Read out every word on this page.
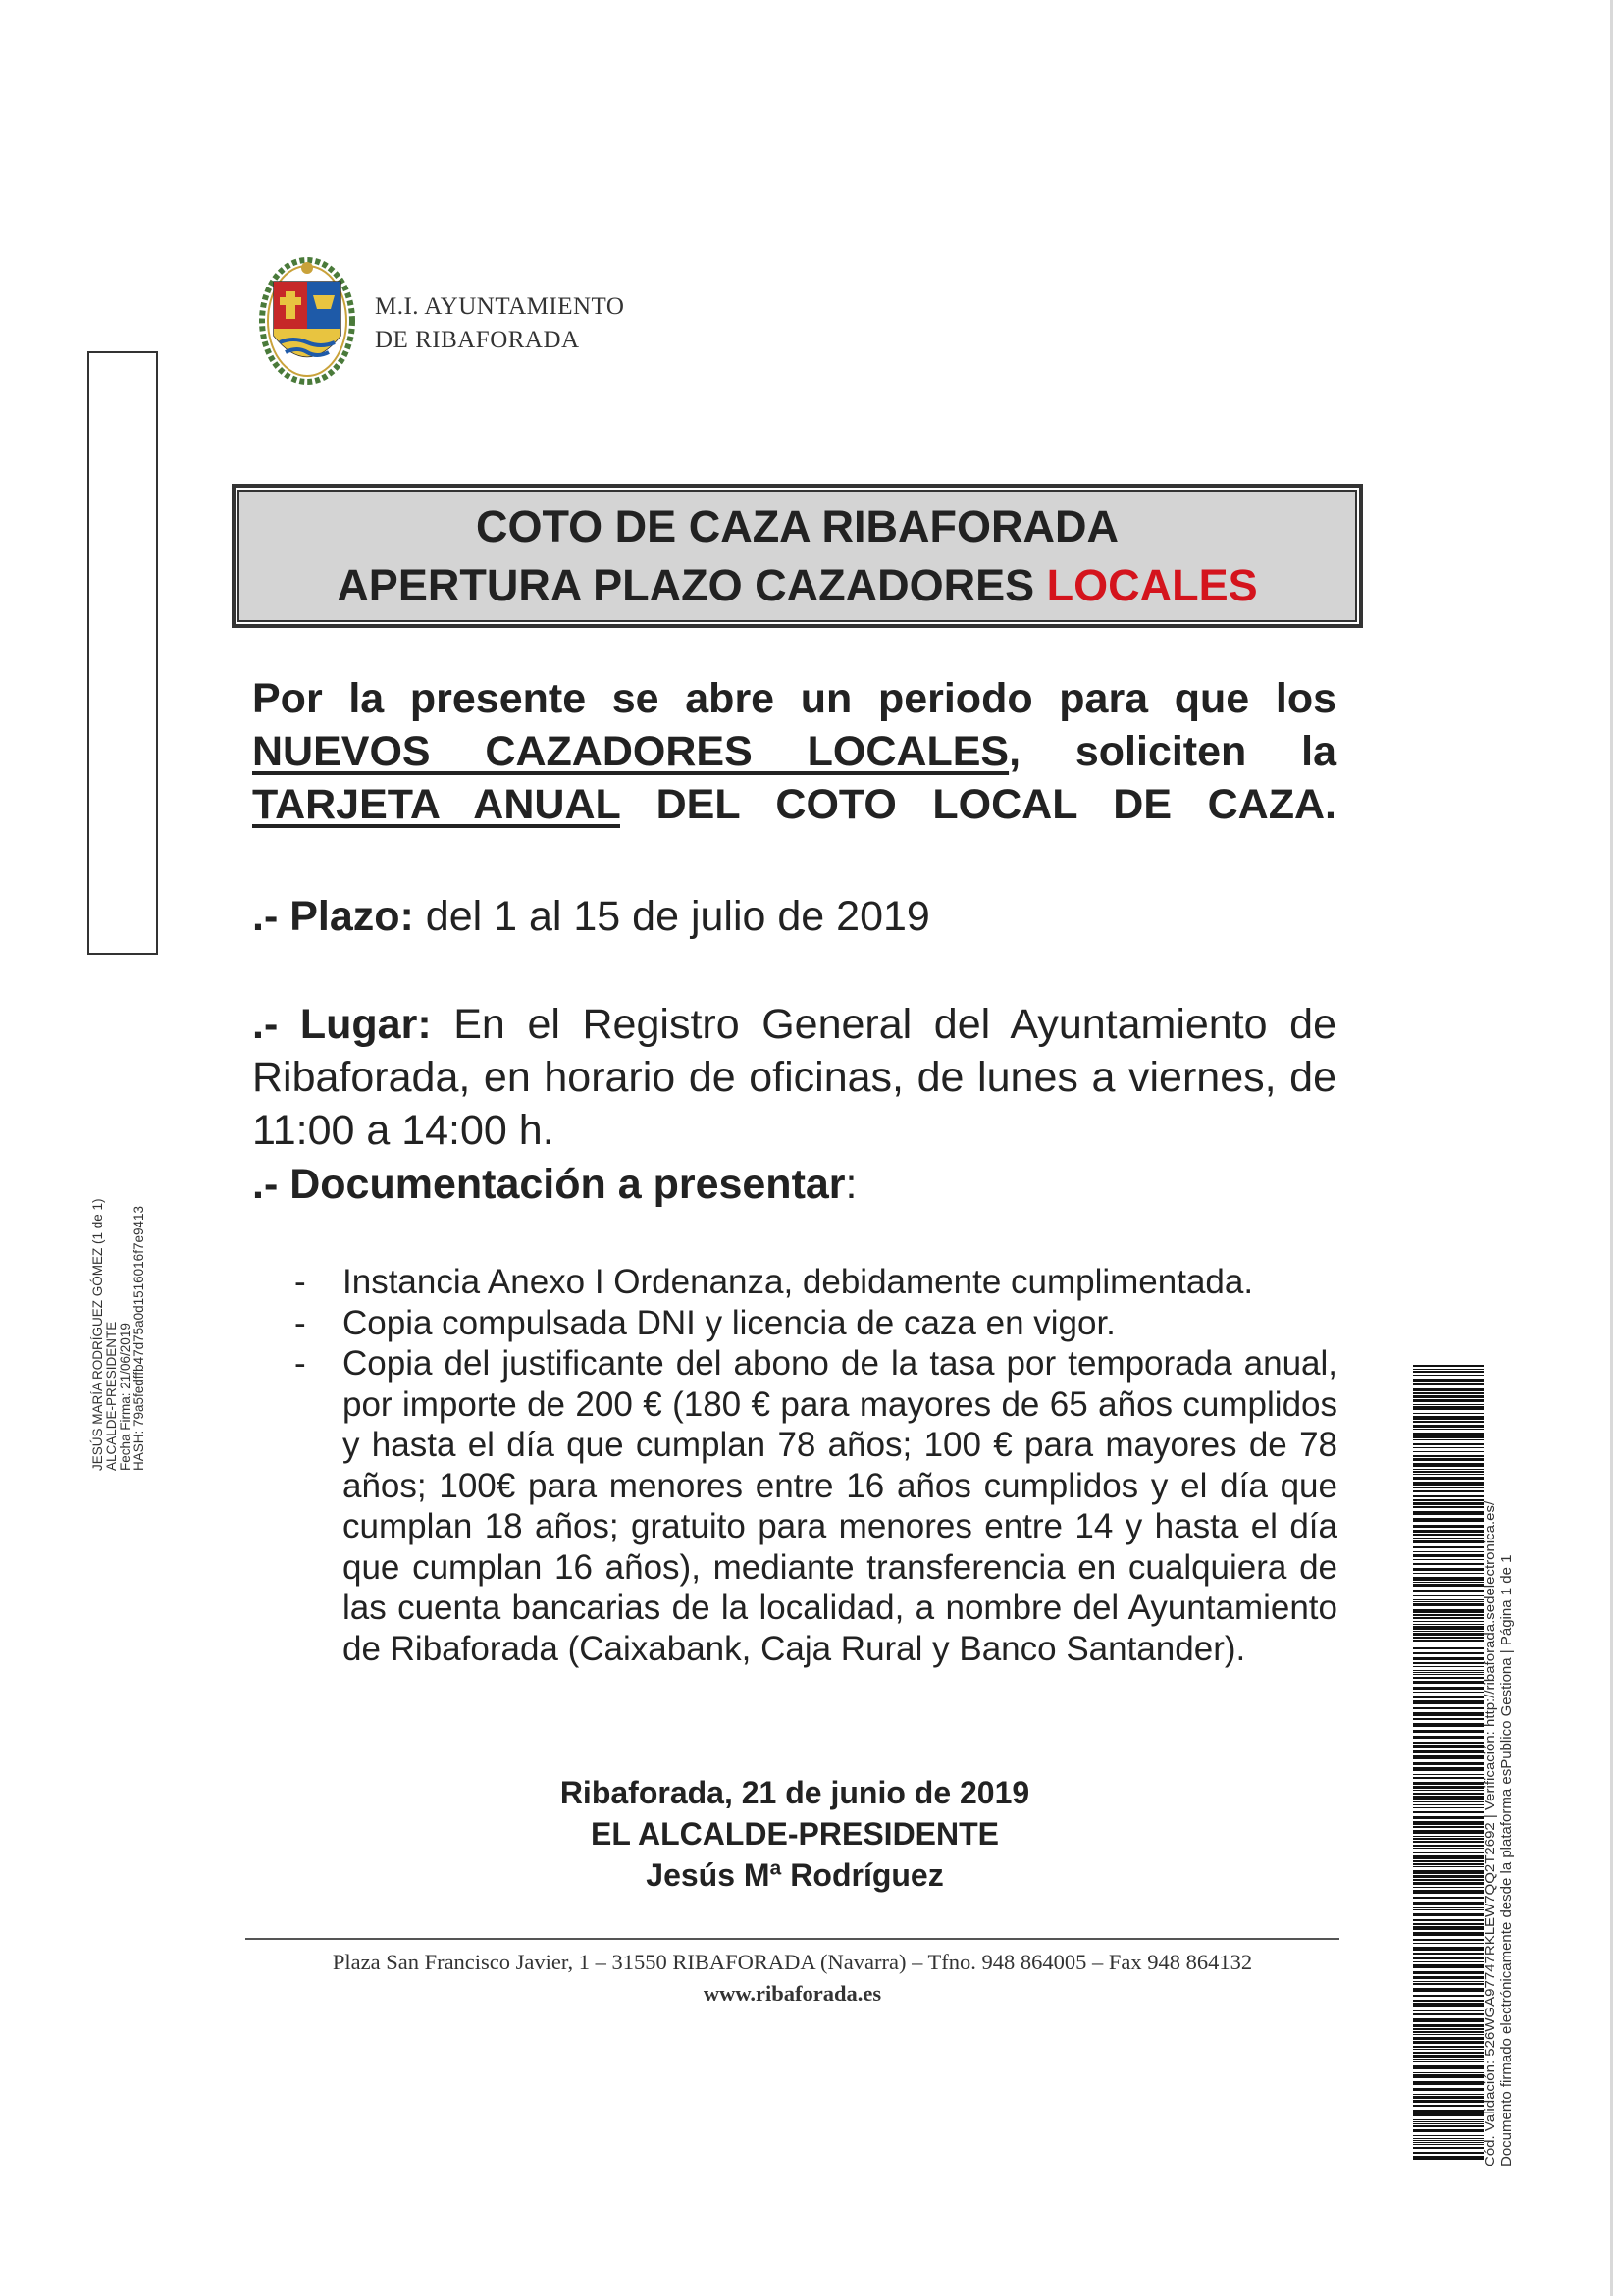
M.I. AYUNTAMIENTO
DE RIBAFORADA
JESÚS MARÍA RODRÍGUEZ GÓMEZ (1 de 1) ALCALDE-PRESIDENTE Fecha Firma: 21/06/2019 HASH: 79a5fedffb47d75a0d1516016f7e9413
COTO DE CAZA RIBAFORADA
APERTURA PLAZO CAZADORES LOCALES
Por la presente se abre un periodo para que los NUEVOS CAZADORES LOCALES, soliciten la TARJETA ANUAL DEL COTO LOCAL DE CAZA.
.- Plazo: del 1 al 15 de julio de 2019
.- Lugar: En el Registro General del Ayuntamiento de Ribaforada, en horario de oficinas, de lunes a viernes, de 11:00 a 14:00 h.
.- Documentación a presentar:
- Instancia Anexo I Ordenanza, debidamente cumplimentada.
- Copia compulsada DNI y licencia de caza en vigor.
- Copia del justificante del abono de la tasa por temporada anual, por importe de 200 € (180 € para mayores de 65 años cumplidos y hasta el día que cumplan 78 años; 100 € para mayores de 78 años; 100€ para menores entre 16 años cumplidos y el día que cumplan 18 años; gratuito para menores entre 14 y hasta el día que cumplan 16 años), mediante transferencia en cualquiera de las cuenta bancarias de la localidad, a nombre del Ayuntamiento de Ribaforada (Caixabank, Caja Rural y Banco Santander).
Ribaforada, 21 de junio de 2019
EL ALCALDE-PRESIDENTE
Jesús Mª Rodríguez
Plaza San Francisco Javier, 1 – 31550 RIBAFORADA (Navarra) – Tfno. 948 864005 – Fax 948 864132
www.ribaforada.es	Cód. Validación: 526WGA97747RKLEW7QQ2T2692 | Verificación: http://ribaforada.sedelectronica.es/ Documento firmado electrónicamente desde la plataforma esPublico Gestiona | Página 1 de 1
